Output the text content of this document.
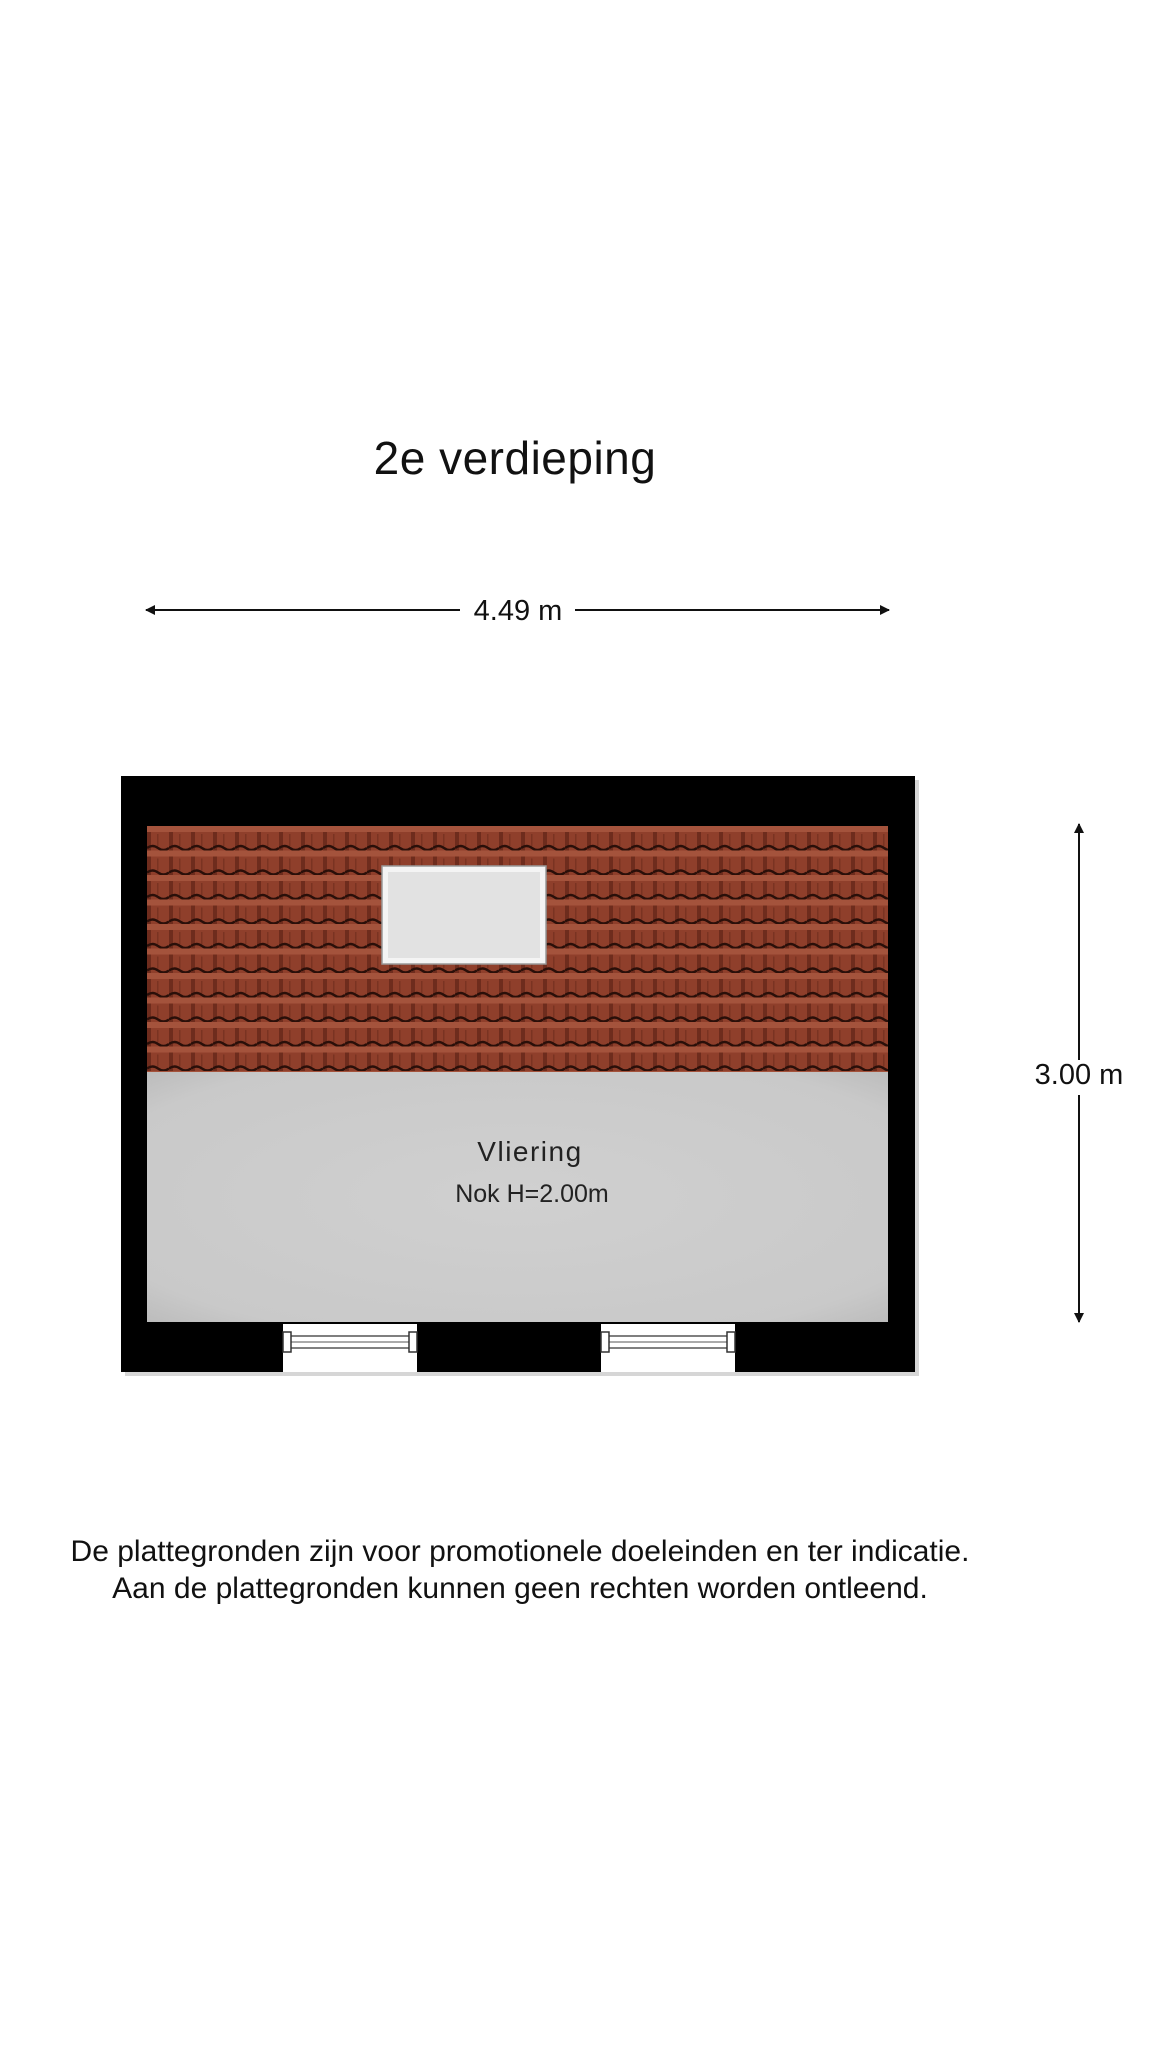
2e verdieping
4.49 m
3.00 m
Vliering
Nok H=2.00m
De plattegronden zijn voor promotionele doeleinden en ter indicatie.
Aan de plattegronden kunnen geen rechten worden ontleend.
